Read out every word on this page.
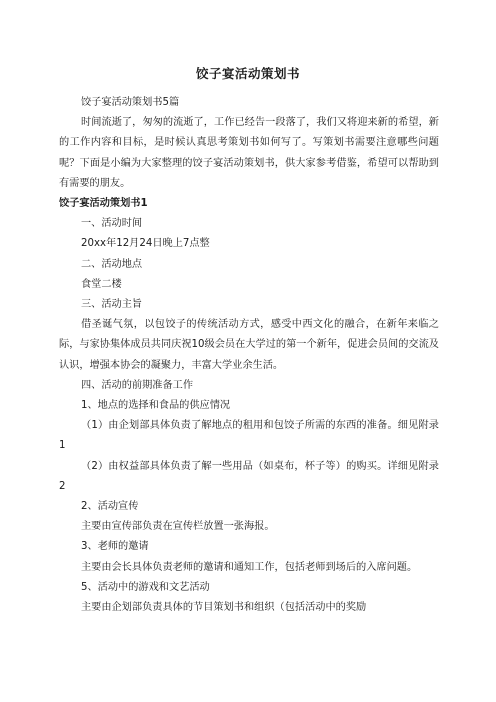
饺子宴活动策划书

饺子宴活动策划书5篇

时间流逝了，匆匆的流逝了，工作已经告一段落了，我们又将迎来新的希望，新的工作内容和目标，是时候认真思考策划书如何写了。写策划书需要注意哪些问题呢？下面是小编为大家整理的饺子宴活动策划书，供大家参考借鉴，希望可以帮助到有需要的朋友。

饺子宴活动策划书1

一、活动时间

20xx年12月24日晚上7点整

二、活动地点

食堂二楼

三、活动主旨

借圣诞气氛，以包饺子的传统活动方式，感受中西文化的融合，在新年来临之际，与家协集体成员共同庆祝10级会员在大学过的第一个新年，促进会员间的交流及认识，增强本协会的凝聚力，丰富大学业余生活。

四、活动的前期准备工作

1、地点的选择和食品的供应情况

（1）由企划部具体负责了解地点的租用和包饺子所需的东西的准备。细见附录1

（2）由权益部具体负责了解一些用品（如桌布，杯子等）的购买。详细见附录2

2、活动宣传

主要由宣传部负责在宣传栏放置一张海报。

3、老师的邀请

主要由会长具体负责老师的邀请和通知工作，包括老师到场后的入席问题。

5、活动中的游戏和文艺活动

主要由企划部负责具体的节目策划书和组织（包括活动中的奖励
